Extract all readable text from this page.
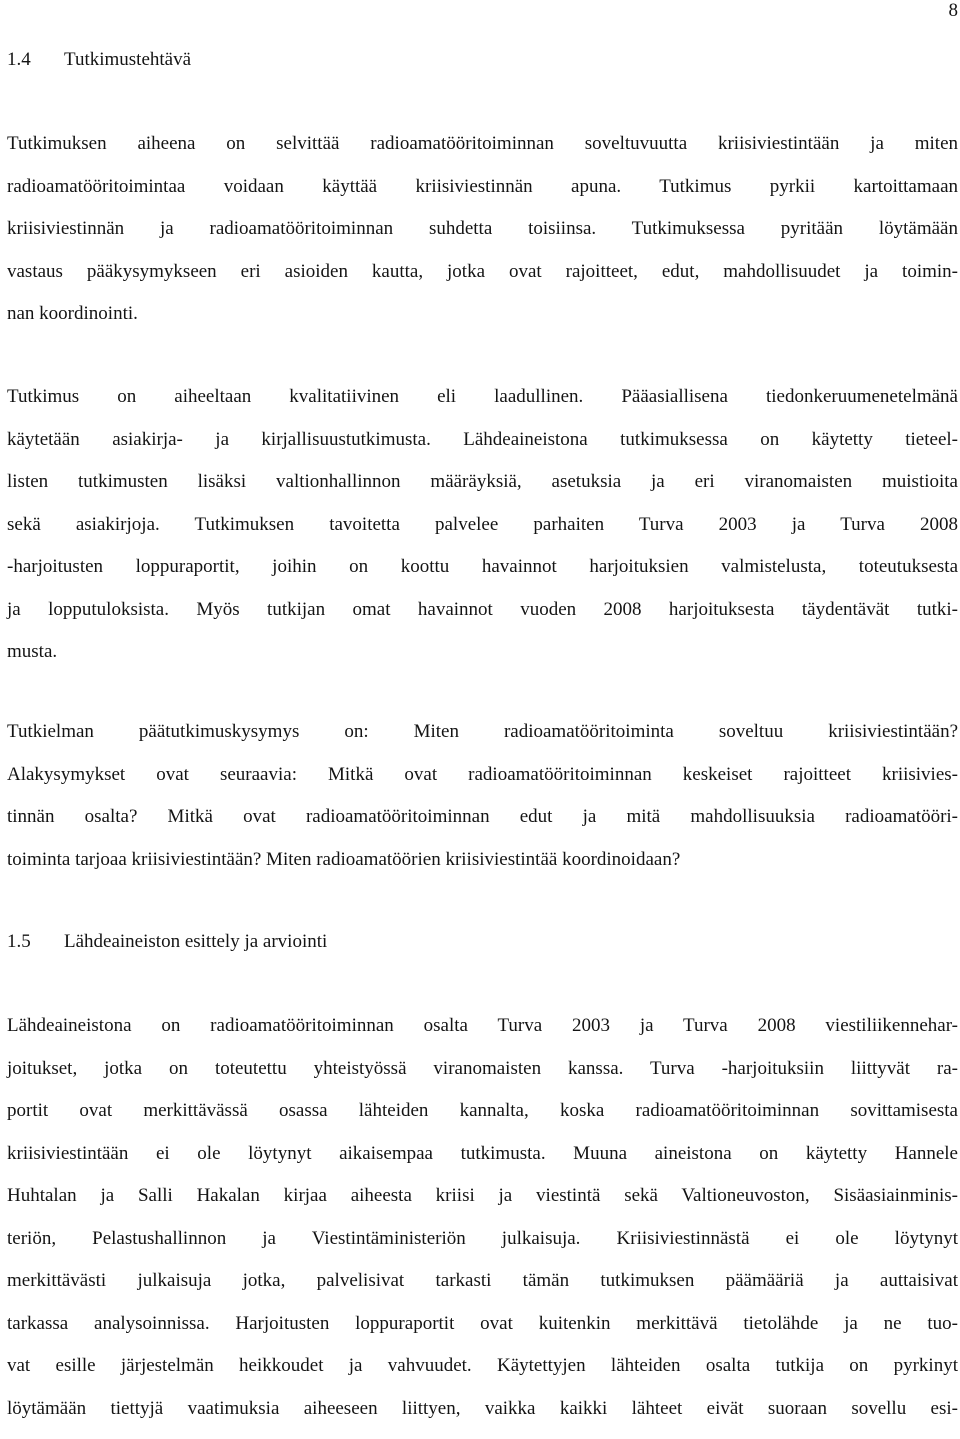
8
1.4 Tutkimustehtävä
Tutkimuksen aiheena on selvittää radioamatööritoiminnan soveltuvuutta kriisiviestintään ja miten
radioamatööritoimintaa voidaan käyttää kriisiviestinnän apuna. Tutkimus pyrkii kartoittamaan
kriisiviestinnän ja radioamatööritoiminnan suhdetta toisiinsa. Tutkimuksessa pyritään löytämään
vastaus pääkysymykseen eri asioiden kautta, jotka ovat rajoitteet, edut, mahdollisuudet ja toimin-
nan koordinointi.
Tutkimus on aiheeltaan kvalitatiivinen eli laadullinen. Pääasiallisena tiedonkeruumenetelmänä
käytetään asiakirja- ja kirjallisuustutkimusta. Lähdeaineistona tutkimuksessa on käytetty tieteel-
listen tutkimusten lisäksi valtionhallinnon määräyksiä, asetuksia ja eri viranomaisten muistioita
sekä asiakirjoja. Tutkimuksen tavoitetta palvelee parhaiten Turva 2003 ja Turva 2008
-harjoitusten loppuraportit, joihin on koottu havainnot harjoituksien valmistelusta, toteutuksesta
ja lopputuloksista. Myös tutkijan omat havainnot vuoden 2008 harjoituksesta täydentävät tutki-
musta.
Tutkielman päätutkimuskysymys on: Miten radioamatööritoiminta soveltuu kriisiviestintään?
Alakysymykset ovat seuraavia: Mitkä ovat radioamatööritoiminnan keskeiset rajoitteet kriisivies-
tinnän osalta? Mitkä ovat radioamatööritoiminnan edut ja mitä mahdollisuuksia radioamatööri-
toiminta tarjoaa kriisiviestintään? Miten radioamatöörien kriisiviestintää koordinoidaan?
1.5 Lähdeaineiston esittely ja arviointi
Lähdeaineistona on radioamatööritoiminnan osalta Turva 2003 ja Turva 2008 viestiliikennehar-
joitukset, jotka on toteutettu yhteistyössä viranomaisten kanssa. Turva -harjoituksiin liittyvät ra-
portit ovat merkittävässä osassa lähteiden kannalta, koska radioamatööritoiminnan sovittamisesta
kriisiviestintään ei ole löytynyt aikaisempaa tutkimusta. Muuna aineistona on käytetty Hannele
Huhtalan ja Salli Hakalan kirjaa aiheesta kriisi ja viestintä sekä Valtioneuvoston, Sisäasiainminis-
teriön, Pelastushallinnon ja Viestintäministeriön julkaisuja. Kriisiviestinnästä ei ole löytynyt
merkittävästi julkaisuja jotka, palvelisivat tarkasti tämän tutkimuksen päämääriä ja auttaisivat
tarkassa analysoinnissa. Harjoitusten loppuraportit ovat kuitenkin merkittävä tietolähde ja ne tuo-
vat esille järjestelmän heikkoudet ja vahvuudet. Käytettyjen lähteiden osalta tutkija on pyrkinyt
löytämään tiettyjä vaatimuksia aiheeseen liittyen, vaikka kaikki lähteet eivät suoraan sovellu esi-
